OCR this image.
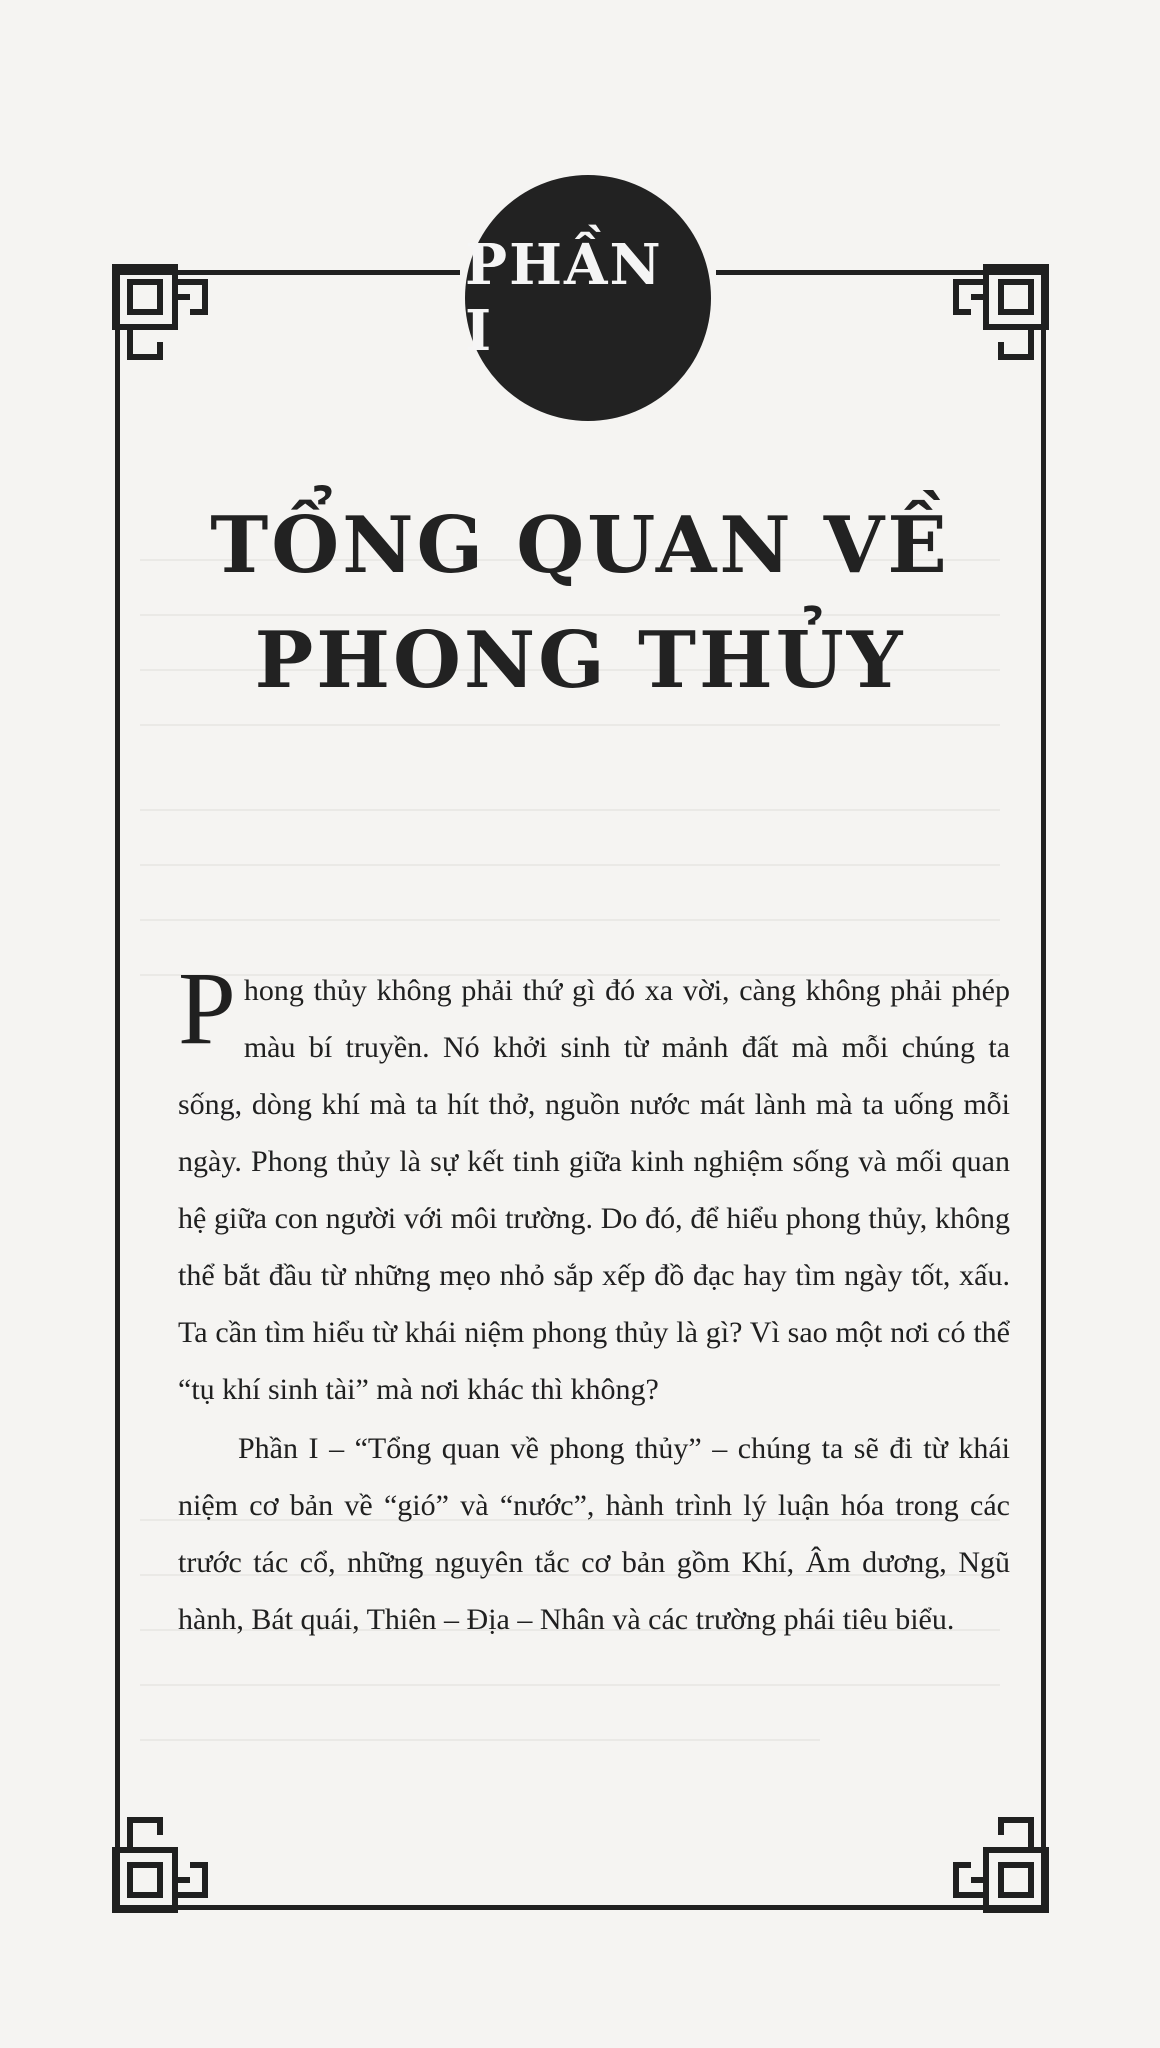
PHẦN I
TỔNG QUAN VỀ
PHONG THỦY

Phong thủy không phải thứ gì đó xa vời, càng không phải phép màu bí truyền. Nó khởi sinh từ mảnh đất mà mỗi chúng ta sống, dòng khí mà ta hít thở, nguồn nước mát lành mà ta uống mỗi ngày. Phong thủy là sự kết tinh giữa kinh nghiệm sống và mối quan hệ giữa con người với môi trường. Do đó, để hiểu phong thủy, không thể bắt đầu từ những mẹo nhỏ sắp xếp đồ đạc hay tìm ngày tốt, xấu. Ta cần tìm hiểu từ khái niệm phong thủy là gì? Vì sao một nơi có thể “tụ khí sinh tài” mà nơi khác thì không?

Phần I – “Tổng quan về phong thủy” – chúng ta sẽ đi từ khái niệm cơ bản về “gió” và “nước”, hành trình lý luận hóa trong các trước tác cổ, những nguyên tắc cơ bản gồm Khí, Âm dương, Ngũ hành, Bát quái, Thiên – Địa – Nhân và các trường phái tiêu biểu.
